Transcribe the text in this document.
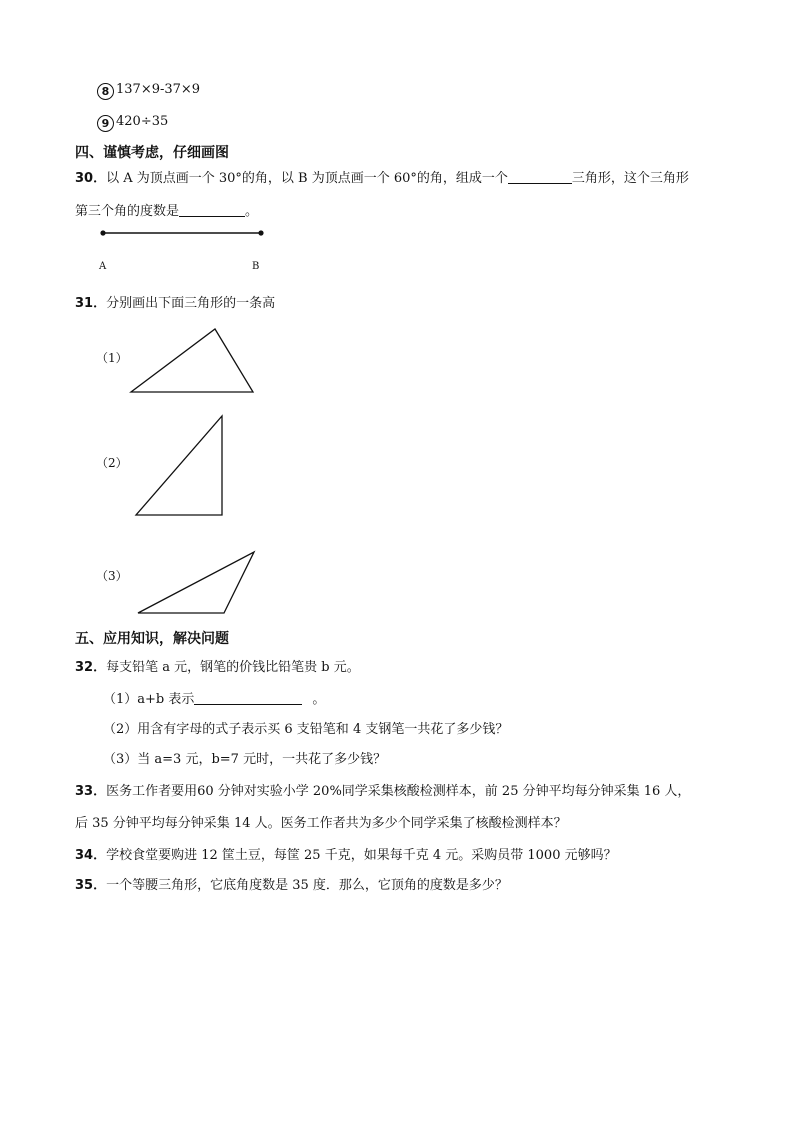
8 137×9-37×9
9 420÷35
四、谨慎考虑，仔细画图
30．以 A 为顶点画一个 30°的角，以 B 为顶点画一个 60°的角，组成一个	三角形，这个三角形
第三个角的度数是	。
A	B
31．分别画出下面三角形的一条高
（1）
（2）
（3）
五、应用知识，解决问题
32．每支铅笔 a 元，钢笔的价钱比铅笔贵 b 元。
（1）a+b 表示	。
（2）用含有字母的式子表示买 6 支铅笔和 4 支钢笔一共花了多少钱？
（3）当 a=3 元，b=7 元时，一共花了多少钱？
33．医务工作者要用60 分钟对实验小学 20%同学采集核酸检测样本，前 25 分钟平均每分钟采集 16 人，
后 35 分钟平均每分钟采集 14 人。医务工作者共为多少个同学采集了核酸检测样本？
34．学校食堂要购进 12 筐土豆，每筐 25 千克，如果每千克 4 元。采购员带 1000 元够吗？
35．一个等腰三角形，它底角度数是 35 度．那么，它顶角的度数是多少？
